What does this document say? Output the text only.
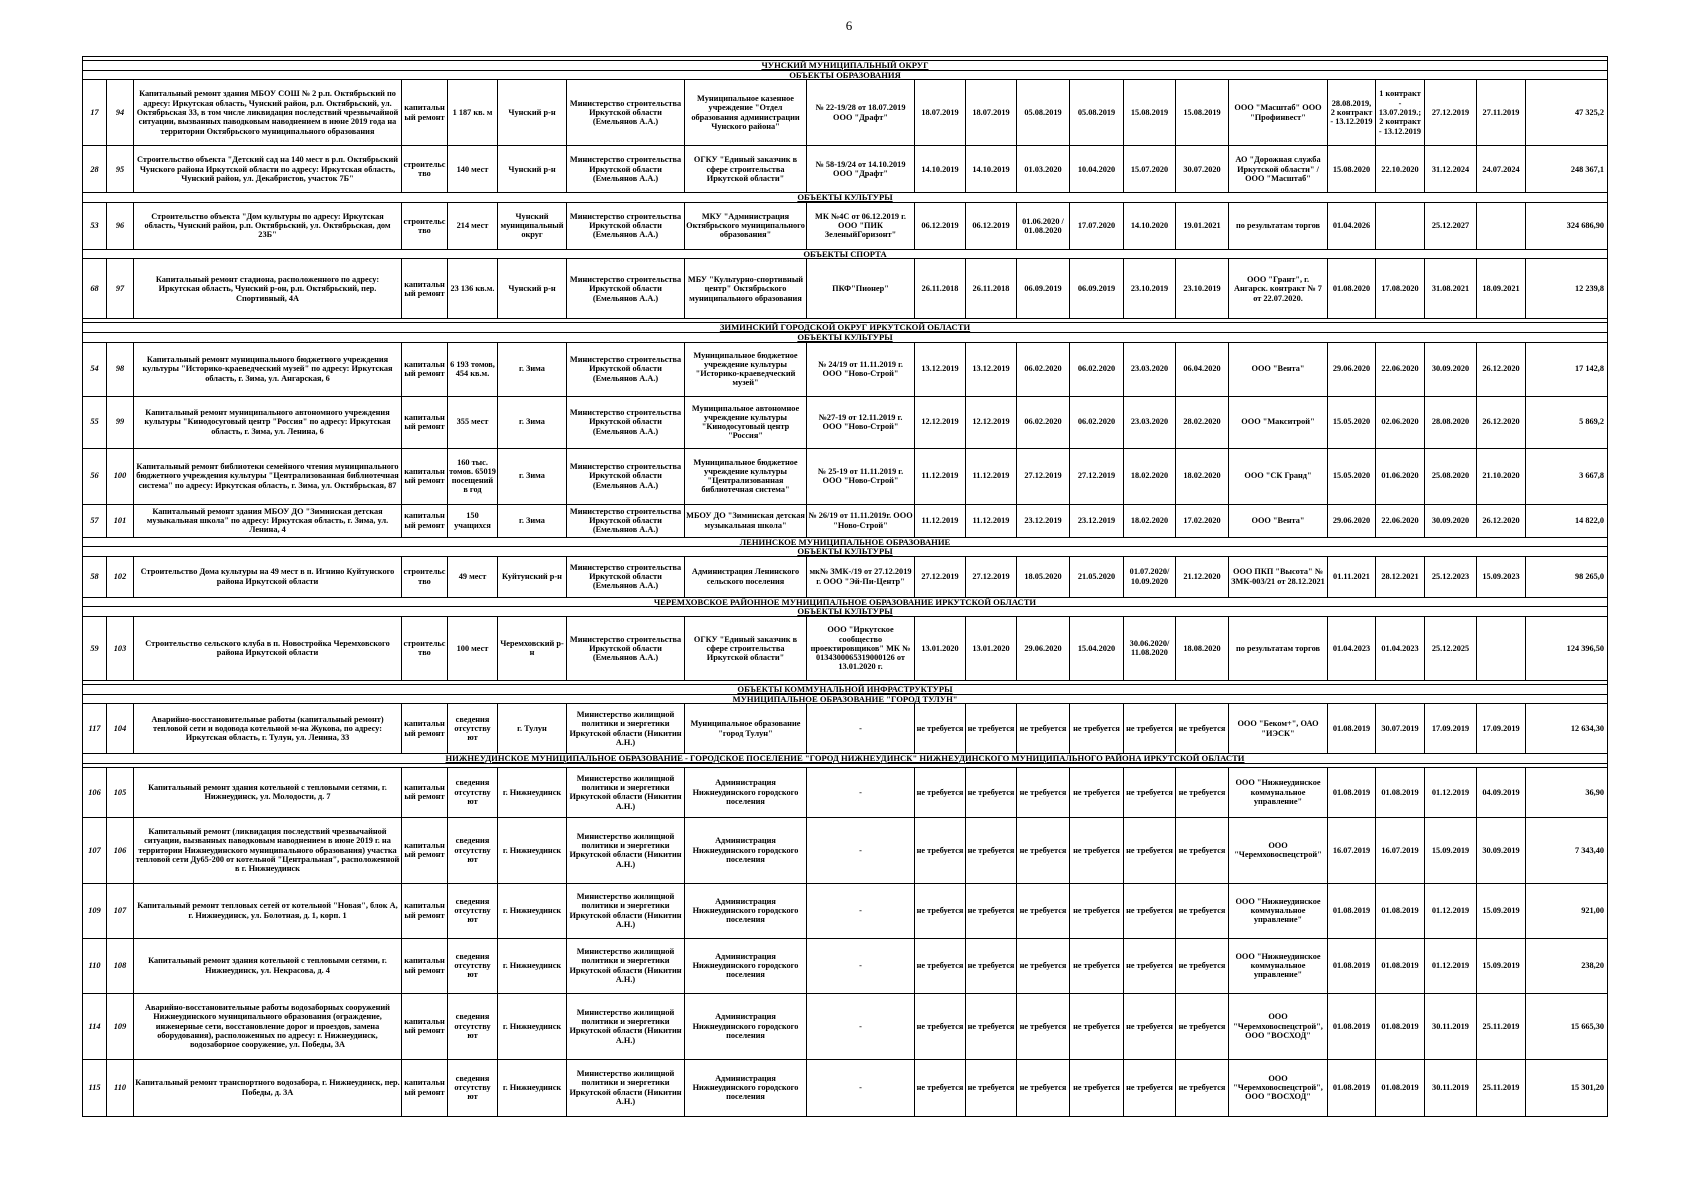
6

ЧУНСКИЙ МУНИЦИПАЛЬНЫЙ ОКРУГ																				
ОБЪЕКТЫ ОБРАЗОВАНИЯ																				
17	94	Капитальный ремонт здания МБОУ СОШ № 2 р.п. Октябрьский по адресу: Иркутская область, Чунский район, р.п. Октябрьский, ул. Октябрьская 33, в том числе ликвидация последствий чрезвычайной ситуации, вызванных паводковым наводнением в июне 2019 года на территории Октябрьского муниципального образования	капитальн ый ремонт	1 187 кв. м	Чунский р-н	Министерство строительства Иркутской области (Емельянов А.А.)	Муниципальное казенное учреждение "Отдел образования администрации Чунского района"	№ 22-19/28 от 18.07.2019 ООО "Драфт"	18.07.2019	18.07.2019	05.08.2019	05.08.2019	15.08.2019	15.08.2019	ООО "Масштаб" ООО "Профинвест"	28.08.2019, 2 контракт - 13.12.2019	1 контракт - 13.07.2019.; 2 контракт - 13.12.2019	27.12.2019	27.11.2019	47 325,2
28	95	Строительство объекта "Детский сад на 140 мест в р.п. Октябрьский Чунского района Иркутской области по адресу: Иркутская область, Чунский район, ул. Декабристов, участок 7Б"	строительс тво	140 мест	Чунский р-н	Министерство строительства Иркутской области (Емельянов А.А.)	ОГКУ "Единый заказчик в сфере строительства Иркутской области"	№ 58-19/24 от 14.10.2019 ООО "Драфт"	14.10.2019	14.10.2019	01.03.2020	10.04.2020	15.07.2020	30.07.2020	АО "Дорожная служба Иркутской области" / ООО "Масштаб"	15.08.2020	22.10.2020	31.12.2024	24.07.2024	248 367,1
ОБЪЕКТЫ КУЛЬТУРЫ																				
53	96	Строительство объекта "Дом культуры по адресу: Иркутская область, Чунский район, р.п. Октябрьский, ул. Октябрьская, дом 23Б"	строительс тво	214 мест	Чунский муниципальный округ	Министерство строительства Иркутской области (Емельянов А.А.)	МКУ "Администрация Октябрьского муниципального образования"	МК №4С от 06.12.2019 г. ООО "ПИК ЗеленыйГоризонт"	06.12.2019	06.12.2019	01.06.2020 / 01.08.2020	17.07.2020	14.10.2020	19.01.2021	по результатам торгов	01.04.2026		25.12.2027		324 686,90
ОБЪЕКТЫ СПОРТА																				
68	97	Капитальный ремонт стадиона, расположенного по адресу: Иркутская область, Чунский р-он, р.п. Октябрьский, пер. Спортивный, 4А	капитальн ый ремонт	23 136 кв.м.	Чунский р-н	Министерство строительства Иркутской области (Емельянов А.А.)	МБУ "Культурно-спортивный центр" Октябрьского муниципального образования	ПКФ"Пионер"	26.11.2018	26.11.2018	06.09.2019	06.09.2019	23.10.2019	23.10.2019	ООО "Грант", г. Ангарск. контракт № 7 от 22.07.2020.	01.08.2020	17.08.2020	31.08.2021	18.09.2021	12 239,8

ЗИМИНСКИЙ ГОРОДСКОЙ ОКРУГ ИРКУТСКОЙ ОБЛАСТИ																				
ОБЪЕКТЫ КУЛЬТУРЫ																				
54	98	Капитальный ремонт муниципального бюджетного учреждения культуры "Историко-краеведческий музей" по адресу: Иркутская область, г. Зима, ул. Ангарская, 6	капитальн ый ремонт	6 193 томов, 454 кв.м.	г. Зима	Министерство строительства Иркутской области (Емельянов А.А.)	Муниципальное бюджетное учреждение культуры "Историко-краеведческий музей"	№ 24/19 от 11.11.2019 г. ООО "Ново-Строй"	13.12.2019	13.12.2019	06.02.2020	06.02.2020	23.03.2020	06.04.2020	ООО "Вента"	29.06.2020	22.06.2020	30.09.2020	26.12.2020	17 142,8
55	99	Капитальный ремонт муниципального автономного учреждения культуры "Кинодосуговый центр "Россия" по адресу: Иркутская область, г. Зима, ул. Ленина, 6	капитальн ый ремонт	355 мест	г. Зима	Министерство строительства Иркутской области (Емельянов А.А.)	Муниципальное автономное учреждение культуры "Кинодосуговый центр "Россия"	№27-19 от 12.11.2019 г. ООО "Ново-Строй"	12.12.2019	12.12.2019	06.02.2020	06.02.2020	23.03.2020	28.02.2020	ООО "Макситрой"	15.05.2020	02.06.2020	28.08.2020	26.12.2020	5 869,2
56	100	Капитальный ремонт библиотеки семейного чтения муниципального бюджетного учреждения культуры "Централизованная библиотечная система" по адресу: Иркутская область, г. Зима, ул. Октябрьская, 87	капитальн ый ремонт	160 тыс. томов. 65019 посещений в год	г. Зима	Министерство строительства Иркутской области (Емельянов А.А.)	Муниципальное бюджетное учреждение культуры "Централизованная библиотечная система"	№ 25-19 от 11.11.2019 г. ООО "Ново-Строй"	11.12.2019	11.12.2019	27.12.2019	27.12.2019	18.02.2020	18.02.2020	ООО "СК Гранд"	15.05.2020	01.06.2020	25.08.2020	21.10.2020	3 667,8
57	101	Капитальный ремонт здания МБОУ ДО "Зиминская детская музыкальная школа" по адресу: Иркутская область, г. Зима, ул. Ленина, 4	капитальн ый ремонт	150 учащихся	г. Зима	Министерство строительства Иркутской области (Емельянов А.А.)	МБОУ ДО "Зиминская детская музыкальная школа"	№ 26/19 от 11.11.2019г. ООО "Ново-Строй"	11.12.2019	11.12.2019	23.12.2019	23.12.2019	18.02.2020	17.02.2020	ООО "Вента"	29.06.2020	22.06.2020	30.09.2020	26.12.2020	14 822,0
ЛЕНИНСКОЕ МУНИЦИПАЛЬНОЕ ОБРАЗОВАНИЕ																				
ОБЪЕКТЫ КУЛЬТУРЫ																				
58	102	Строительство Дома культуры на 49 мест в п. Игнино Куйтунского района Иркутской области	строительс тво	49 мест	Куйтунский р-н	Министерство строительства Иркутской области (Емельянов А.А.)	Администрация Ленинского сельского поселения	мк№ ЗМК-/19 от 27.12.2019 г. ООО "Эй-Пи-Центр"	27.12.2019	27.12.2019	18.05.2020	21.05.2020	01.07.2020/ 10.09.2020	21.12.2020	ООО ПКП "Высота" № ЗМК-003/21 от 28.12.2021	01.11.2021	28.12.2021	25.12.2023	15.09.2023	98 265,0
ЧЕРЕМХОВСКОЕ РАЙОННОЕ МУНИЦИПАЛЬНОЕ ОБРАЗОВАНИЕ ИРКУТСКОЙ ОБЛАСТИ																				
ОБЪЕКТЫ КУЛЬТУРЫ																				
59	103	Строительство сельского клуба в п. Новостройка Черемховского района Иркутской области	строительс тво	100 мест	Черемховский р-н	Министерство строительства Иркутской области (Емельянов А.А.)	ОГКУ "Единый заказчик в сфере строительства Иркутской области"	ООО "Иркутское сообщество проектировщиков" МК № 0134300065319000126 от 13.01.2020 г.	13.01.2020	13.01.2020	29.06.2020	15.04.2020	30.06.2020/ 11.08.2020	18.08.2020	по результатам торгов	01.04.2023	01.04.2023	25.12.2025		124 396,50

ОБЪЕКТЫ КОММУНАЛЬНОЙ ИНФРАСТРУКТУРЫ																				
МУНИЦИПАЛЬНОЕ ОБРАЗОВАНИЕ "ГОРОД ТУЛУН"																				
117	104	Аварийно-восстановительные работы (капитальный ремонт) тепловой сети и водовода котельной м-на Жукова, по адресу: Иркутская область, г. Тулун, ул. Ленина, 33	капитальн ый ремонт	сведения отсутству ют	г. Тулун	Министерство жилищной политики и энергетики Иркутской области (Никитин А.Н.)	Муниципальное образование "город Тулун"	-	не требуется	не требуется	не требуется	не требуется	не требуется	не требуется	ООО "Беком+", ОАО "ИЭСК"	01.08.2019	30.07.2019	17.09.2019	17.09.2019	12 634,30
НИЖНЕУДИНСКОЕ МУНИЦИПАЛЬНОЕ ОБРАЗОВАНИЕ - ГОРОДСКОЕ ПОСЕЛЕНИЕ "ГОРОД НИЖНЕУДИНСК" НИЖНЕУДИНСКОГО МУНИЦИПАЛЬНОГО РАЙОНА ИРКУТСКОЙ ОБЛАСТИ																				

106	105	Капитальный ремонт здания котельной с тепловыми сетями, г. Нижнеудинск, ул. Молодости, д. 7	капитальн ый ремонт	сведения отсутству ют	г. Нижнеудинск	Министерство жилищной политики и энергетики Иркутской области (Никитин А.Н.)	Администрация Нижнеудинского городского поселения	-	не требуется	не требуется	не требуется	не требуется	не требуется	не требуется	ООО "Нижнеудинское коммунальное управление"	01.08.2019	01.08.2019	01.12.2019	04.09.2019	36,90
107	106	Капитальный ремонт (ликвидация последствий чрезвычайной ситуации, вызванных паводковым наводнением в июне 2019 г. на территории Нижнеудинского муниципального образования) участка тепловой сети Ду65-200 от котельной "Центральная", расположенной в г. Нижнеудинск	капитальн ый ремонт	сведения отсутству ют	г. Нижнеудинск	Министерство жилищной политики и энергетики Иркутской области (Никитин А.Н.)	Администрация Нижнеудинского городского поселения	-	не требуется	не требуется	не требуется	не требуется	не требуется	не требуется	ООО "Черемховоспецстрой"	16.07.2019	16.07.2019	15.09.2019	30.09.2019	7 343,40
109	107	Капитальный ремонт тепловых сетей от котельной "Новая", блок А, г. Нижнеудинск, ул. Болотная, д. 1, корп. 1	капитальн ый ремонт	сведения отсутству ют	г. Нижнеудинск	Министерство жилищной политики и энергетики Иркутской области (Никитин А.Н.)	Администрация Нижнеудинского городского поселения	-	не требуется	не требуется	не требуется	не требуется	не требуется	не требуется	ООО "Нижнеудинское коммунальное управление"	01.08.2019	01.08.2019	01.12.2019	15.09.2019	921,00
110	108	Капитальный ремонт здания котельной с тепловыми сетями, г. Нижнеудинск, ул. Некрасова, д. 4	капитальн ый ремонт	сведения отсутству ют	г. Нижнеудинск	Министерство жилищной политики и энергетики Иркутской области (Никитин А.Н.)	Администрация Нижнеудинского городского поселения	-	не требуется	не требуется	не требуется	не требуется	не требуется	не требуется	ООО "Нижнеудинское коммунальное управление"	01.08.2019	01.08.2019	01.12.2019	15.09.2019	238,20
114	109	Аварийно-восстановительные работы водозаборных сооружений Нижнеудинского муниципального образования (ограждение, инженерные сети, восстановление дорог и проездов, замена оборудования), расположенных по адресу: г. Нижнеудинск, водозаборное сооружение, ул. Победы, 3А	капитальн ый ремонт	сведения отсутству ют	г. Нижнеудинск	Министерство жилищной политики и энергетики Иркутской области (Никитин А.Н.)	Администрация Нижнеудинского городского поселения	-	не требуется	не требуется	не требуется	не требуется	не требуется	не требуется	ООО "Черемховоспецстрой", ООО "ВОСХОД"	01.08.2019	01.08.2019	30.11.2019	25.11.2019	15 665,30
115	110	Капитальный ремонт транспортного водозабора, г. Нижнеудинск, пер. Победы, д. 3А	капитальн ый ремонт	сведения отсутству ют	г. Нижнеудинск	Министерство жилищной политики и энергетики Иркутской области (Никитин А.Н.)	Администрация Нижнеудинского городского поселения	-	не требуется	не требуется	не требуется	не требуется	не требуется	не требуется	ООО "Черемховоспецстрой", ООО "ВОСХОД"	01.08.2019	01.08.2019	30.11.2019	25.11.2019	15 301,20
